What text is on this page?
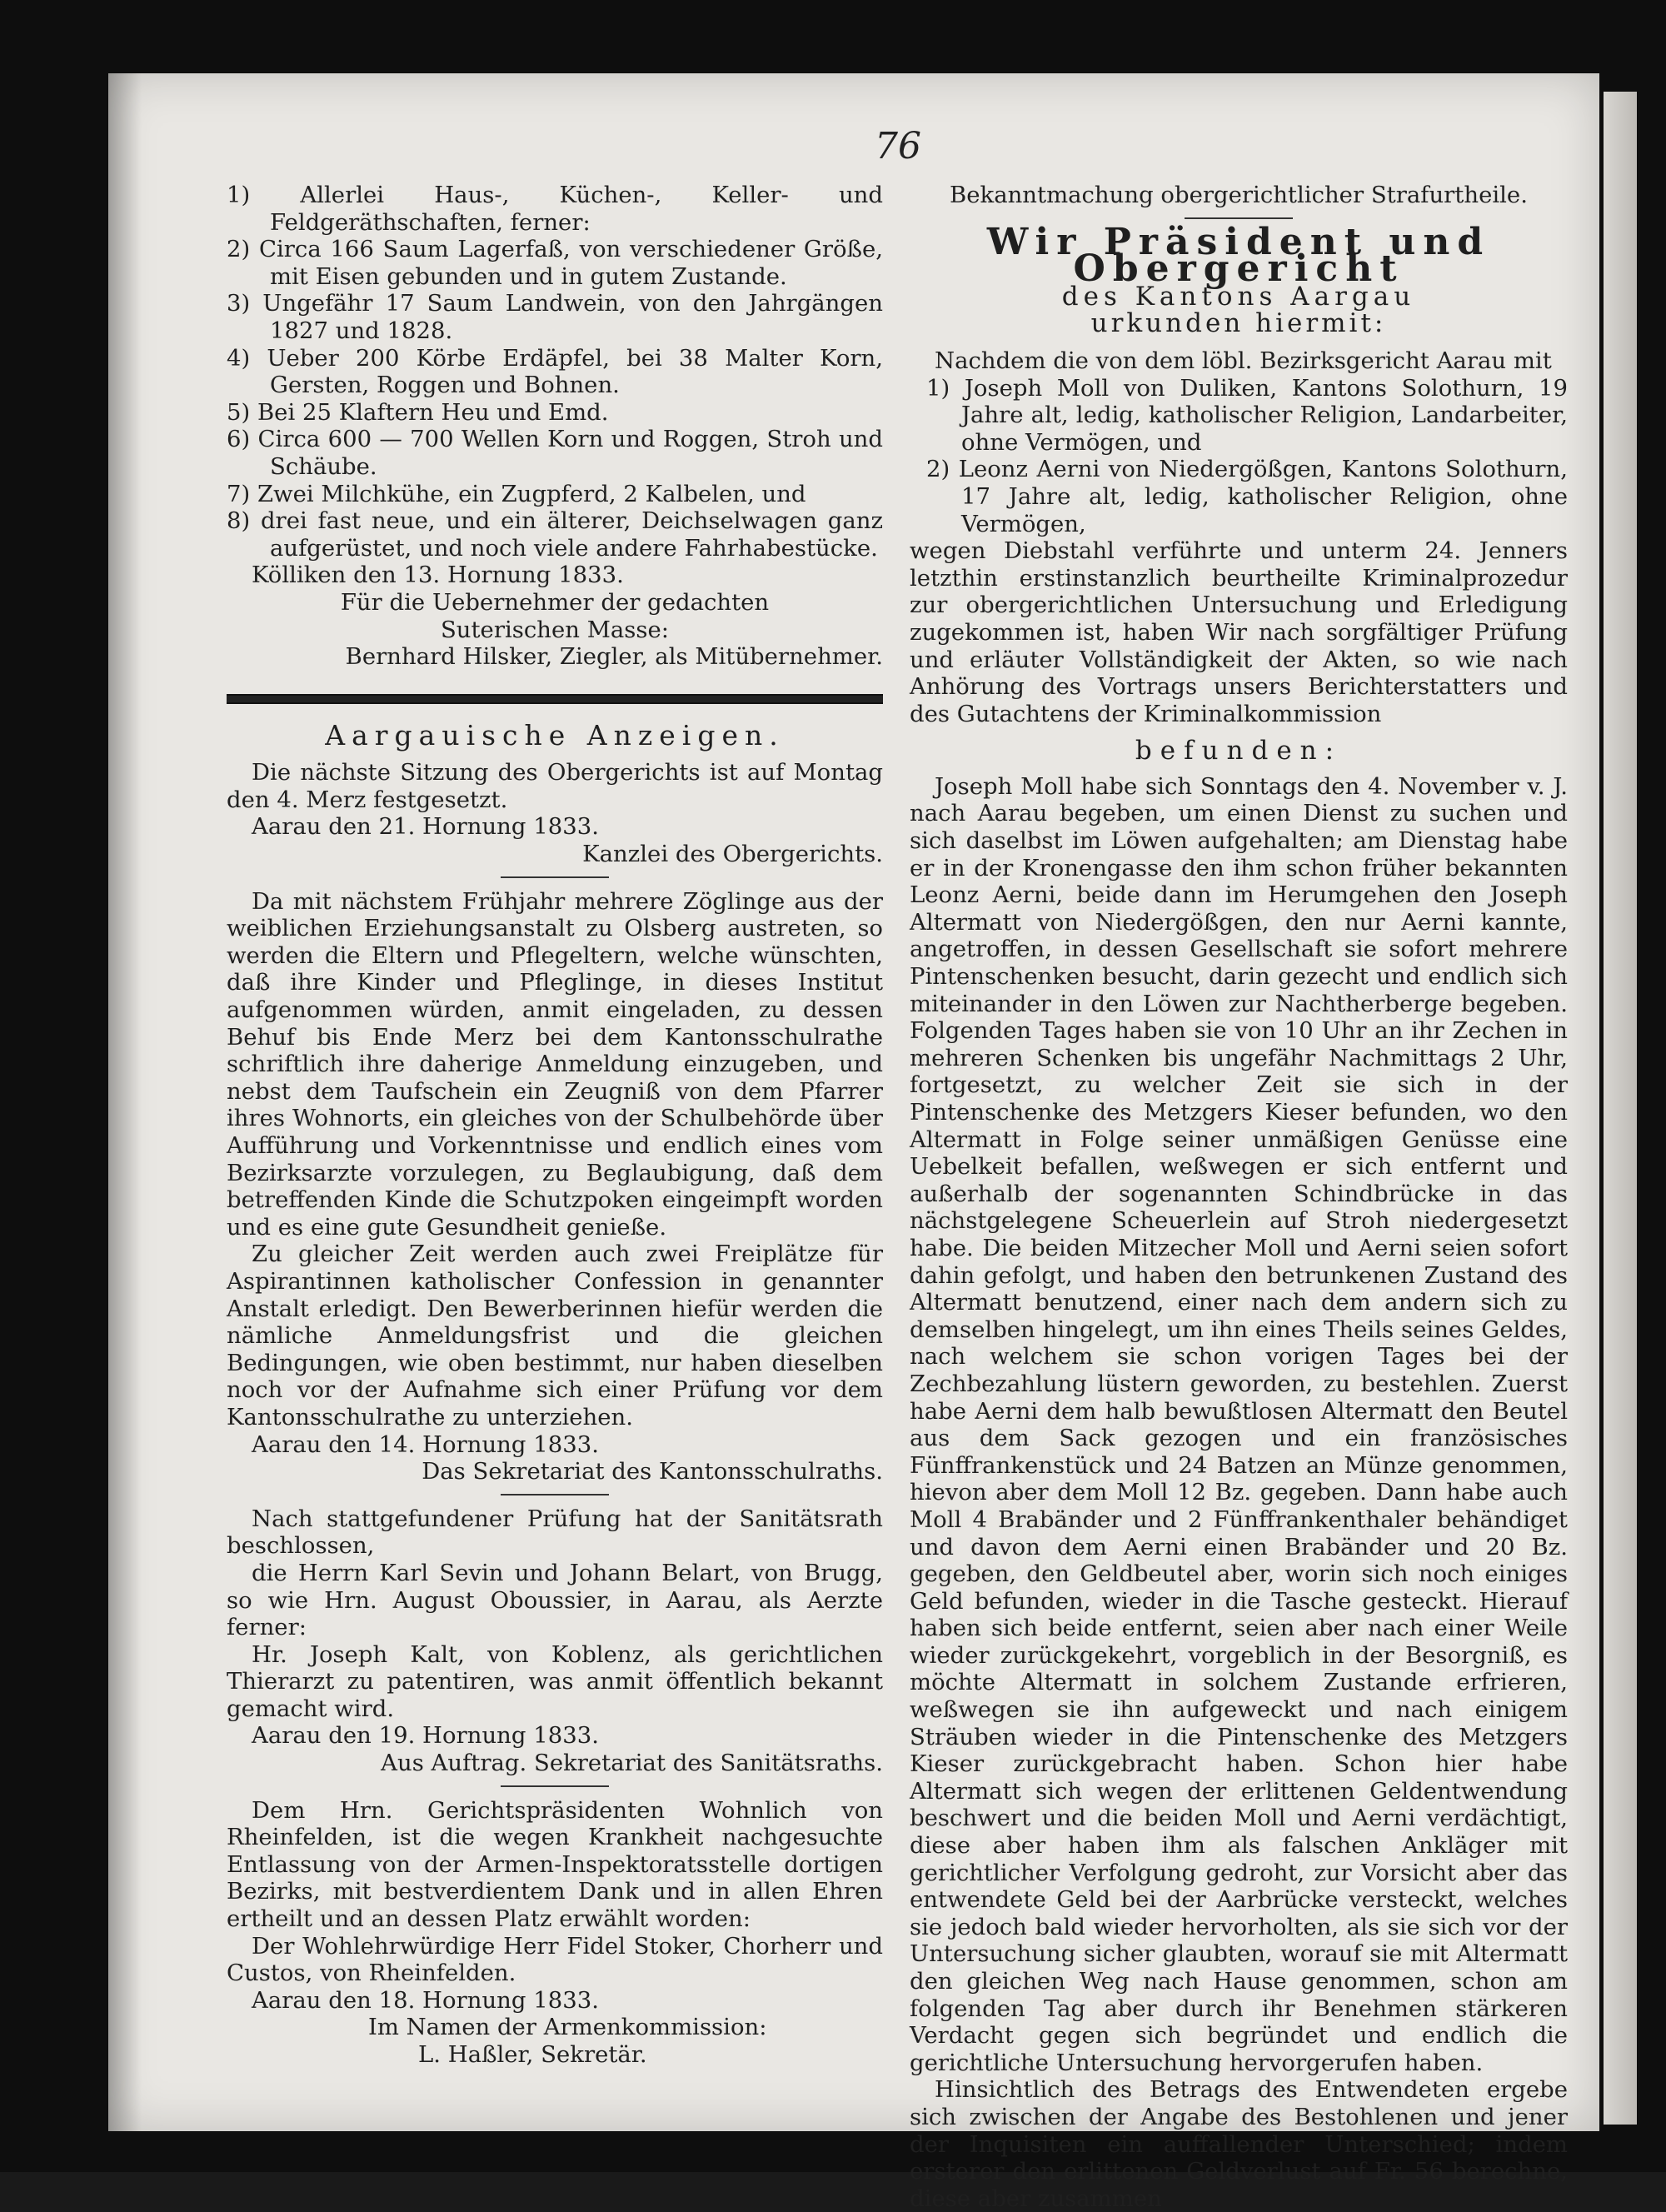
76

1) Allerlei Haus-, Küchen-, Keller- und Feldgeräthschaften, ferner:

2) Circa 166 Saum Lagerfaß, von verschiedener Größe, mit Eisen gebunden und in gutem Zustande.

3) Ungefähr 17 Saum Landwein, von den Jahrgängen 1827 und 1828.

4) Ueber 200 Körbe Erdäpfel, bei 38 Malter Korn, Gersten, Roggen und Bohnen.

5) Bei 25 Klaftern Heu und Emd.

6) Circa 600 — 700 Wellen Korn und Roggen, Stroh und Schäube.

7) Zwei Milchkühe, ein Zugpferd, 2 Kalbelen, und

8) drei fast neue, und ein älterer, Deichselwagen ganz aufgerüstet, und noch viele andere Fahrhabestücke.

Kölliken den 13. Hornung 1833.

Für die Uebernehmer der gedachten

Suterischen Masse:

Bernhard Hilsker, Ziegler, als Mitübernehmer.

Aargauische Anzeigen.

Die nächste Sitzung des Obergerichts ist auf Montag den 4. Merz festgesetzt.

Aarau den 21. Hornung 1833.

Kanzlei des Obergerichts.

Da mit nächstem Frühjahr mehrere Zöglinge aus der weiblichen Erziehungsanstalt zu Olsberg austreten, so werden die Eltern und Pflegeltern, welche wünschten, daß ihre Kinder und Pfleglinge, in dieses Institut aufgenommen würden, anmit eingeladen, zu dessen Behuf bis Ende Merz bei dem Kantonsschulrathe schriftlich ihre daherige Anmeldung einzugeben, und nebst dem Taufschein ein Zeugniß von dem Pfarrer ihres Wohnorts, ein gleiches von der Schulbehörde über Aufführung und Vorkenntnisse und endlich eines vom Bezirksarzte vorzulegen, zu Beglaubigung, daß dem betreffenden Kinde die Schutzpoken eingeimpft worden und es eine gute Gesundheit genieße.

Zu gleicher Zeit werden auch zwei Freiplätze für Aspirantinnen katholischer Confession in genannter Anstalt erledigt. Den Bewerberinnen hiefür werden die nämliche Anmeldungsfrist und die gleichen Bedingungen, wie oben bestimmt, nur haben dieselben noch vor der Aufnahme sich einer Prüfung vor dem Kantonsschulrathe zu unterziehen.

Aarau den 14. Hornung 1833.

Das Sekretariat des Kantonsschulraths.

Nach stattgefundener Prüfung hat der Sanitätsrath beschlossen,

die Herrn Karl Sevin und Johann Belart, von Brugg, so wie Hrn. August Oboussier, in Aarau, als Aerzte ferner:

Hr. Joseph Kalt, von Koblenz, als gerichtlichen Thierarzt zu patentiren, was anmit öffentlich bekannt gemacht wird.

Aarau den 19. Hornung 1833.

Aus Auftrag. Sekretariat des Sanitätsraths.

Dem Hrn. Gerichtspräsidenten Wohnlich von Rheinfelden, ist die wegen Krankheit nachgesuchte Entlassung von der Armen-Inspektoratsstelle dortigen Bezirks, mit bestverdientem Dank und in allen Ehren ertheilt und an dessen Platz erwählt worden:

Der Wohlehrwürdige Herr Fidel Stoker, Chorherr und Custos, von Rheinfelden.

Aarau den 18. Hornung 1833.

Im Namen der Armenkommission:

L. Haßler, Sekretär.

Bekanntmachung obergerichtlicher Strafurtheile.

Wir Präsident und Obergericht

des Kantons Aargau

urkunden hiermit:

Nachdem die von dem löbl. Bezirksgericht Aarau mit

1) Joseph Moll von Duliken, Kantons Solothurn, 19 Jahre alt, ledig, katholischer Religion, Landarbeiter, ohne Vermögen, und

2) Leonz Aerni von Niedergößgen, Kantons Solothurn, 17 Jahre alt, ledig, katholischer Religion, ohne Vermögen,

wegen Diebstahl verführte und unterm 24. Jenners letzthin erstinstanzlich beurtheilte Kriminalprozedur zur obergerichtlichen Untersuchung und Erledigung zugekommen ist, haben Wir nach sorgfältiger Prüfung und erläuter Vollständigkeit der Akten, so wie nach Anhörung des Vortrags unsers Berichterstatters und des Gutachtens der Kriminalkommission

befunden:

Joseph Moll habe sich Sonntags den 4. November v. J. nach Aarau begeben, um einen Dienst zu suchen und sich daselbst im Löwen aufgehalten; am Dienstag habe er in der Kronengasse den ihm schon früher bekannten Leonz Aerni, beide dann im Herumgehen den Joseph Altermatt von Niedergößgen, den nur Aerni kannte, angetroffen, in dessen Gesellschaft sie sofort mehrere Pintenschenken besucht, darin gezecht und endlich sich miteinander in den Löwen zur Nachtherberge begeben. Folgenden Tages haben sie von 10 Uhr an ihr Zechen in mehreren Schenken bis ungefähr Nachmittags 2 Uhr, fortgesetzt, zu welcher Zeit sie sich in der Pintenschenke des Metzgers Kieser befunden, wo den Altermatt in Folge seiner unmäßigen Genüsse eine Uebelkeit befallen, weßwegen er sich entfernt und außerhalb der sogenannten Schindbrücke in das nächstgelegene Scheuerlein auf Stroh niedergesetzt habe. Die beiden Mitzecher Moll und Aerni seien sofort dahin gefolgt, und haben den betrunkenen Zustand des Altermatt benutzend, einer nach dem andern sich zu demselben hingelegt, um ihn eines Theils seines Geldes, nach welchem sie schon vorigen Tages bei der Zechbezahlung lüstern geworden, zu bestehlen. Zuerst habe Aerni dem halb bewußtlosen Altermatt den Beutel aus dem Sack gezogen und ein französisches Fünffrankenstück und 24 Batzen an Münze genommen, hievon aber dem Moll 12 Bz. gegeben. Dann habe auch Moll 4 Brabänder und 2 Fünffrankenthaler behändiget und davon dem Aerni einen Brabänder und 20 Bz. gegeben, den Geldbeutel aber, worin sich noch einiges Geld befunden, wieder in die Tasche gesteckt. Hierauf haben sich beide entfernt, seien aber nach einer Weile wieder zurückgekehrt, vorgeblich in der Besorgniß, es möchte Altermatt in solchem Zustande erfrieren, weßwegen sie ihn aufgeweckt und nach einigem Sträuben wieder in die Pintenschenke des Metzgers Kieser zurückgebracht haben. Schon hier habe Altermatt sich wegen der erlittenen Geldentwendung beschwert und die beiden Moll und Aerni verdächtigt, diese aber haben ihm als falschen Ankläger mit gerichtlicher Verfolgung gedroht, zur Vorsicht aber das entwendete Geld bei der Aarbrücke versteckt, welches sie jedoch bald wieder hervorholten, als sie sich vor der Untersuchung sicher glaubten, worauf sie mit Altermatt den gleichen Weg nach Hause genommen, schon am folgenden Tag aber durch ihr Benehmen stärkeren Verdacht gegen sich begründet und endlich die gerichtliche Untersuchung hervorgerufen haben.

Hinsichtlich des Betrags des Entwendeten ergebe sich zwischen der Angabe des Bestohlenen und jener der Inquisiten ein auffallender Unterschied; indem ersterer den erlittenen Geldverlust auf Fr. 56 berechne, diese aber zusammen
